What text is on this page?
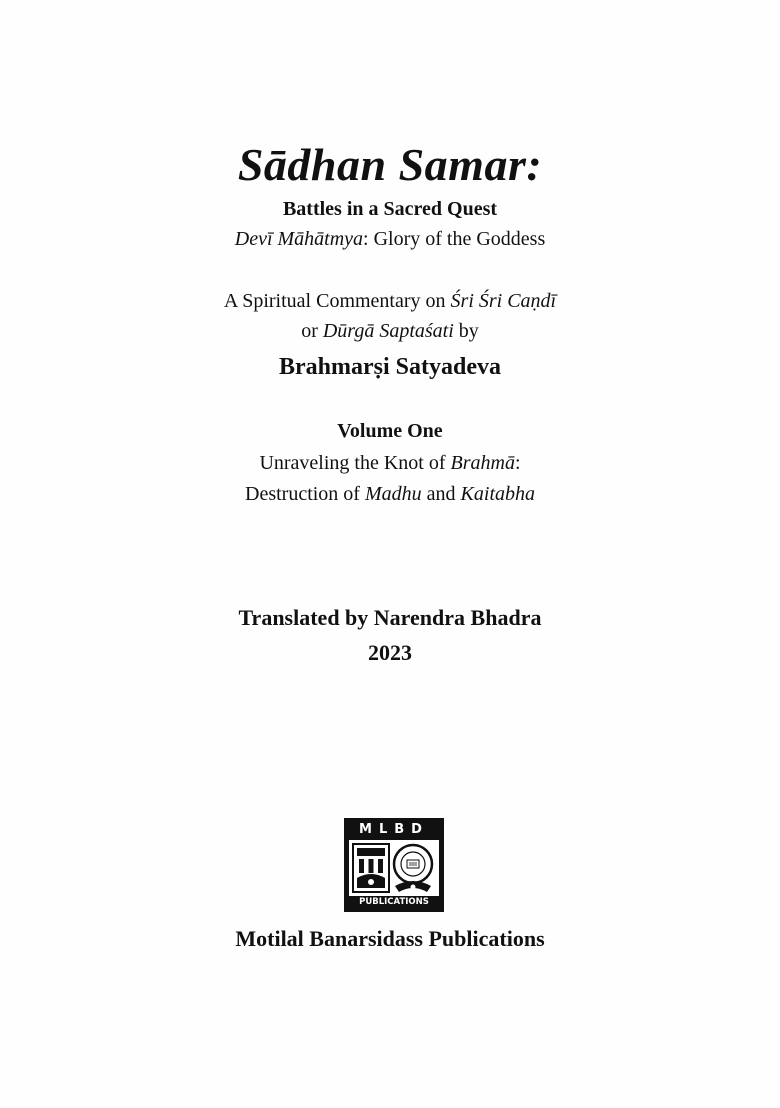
Sādhan Samar:
Battles in a Sacred Quest
Devī Māhātmya: Glory of the Goddess
A Spiritual Commentary on Śri Śri Caṇdī
or Dūrgā Saptaśati by
Brahmarṣi Satyadeva
Volume One
Unraveling the Knot of Brahmā:
Destruction of Madhu and Kaitabha
Translated by Narendra Bhadra
2023
MLBD
PUBLICATIONS
Motilal Banarsidass Publications
